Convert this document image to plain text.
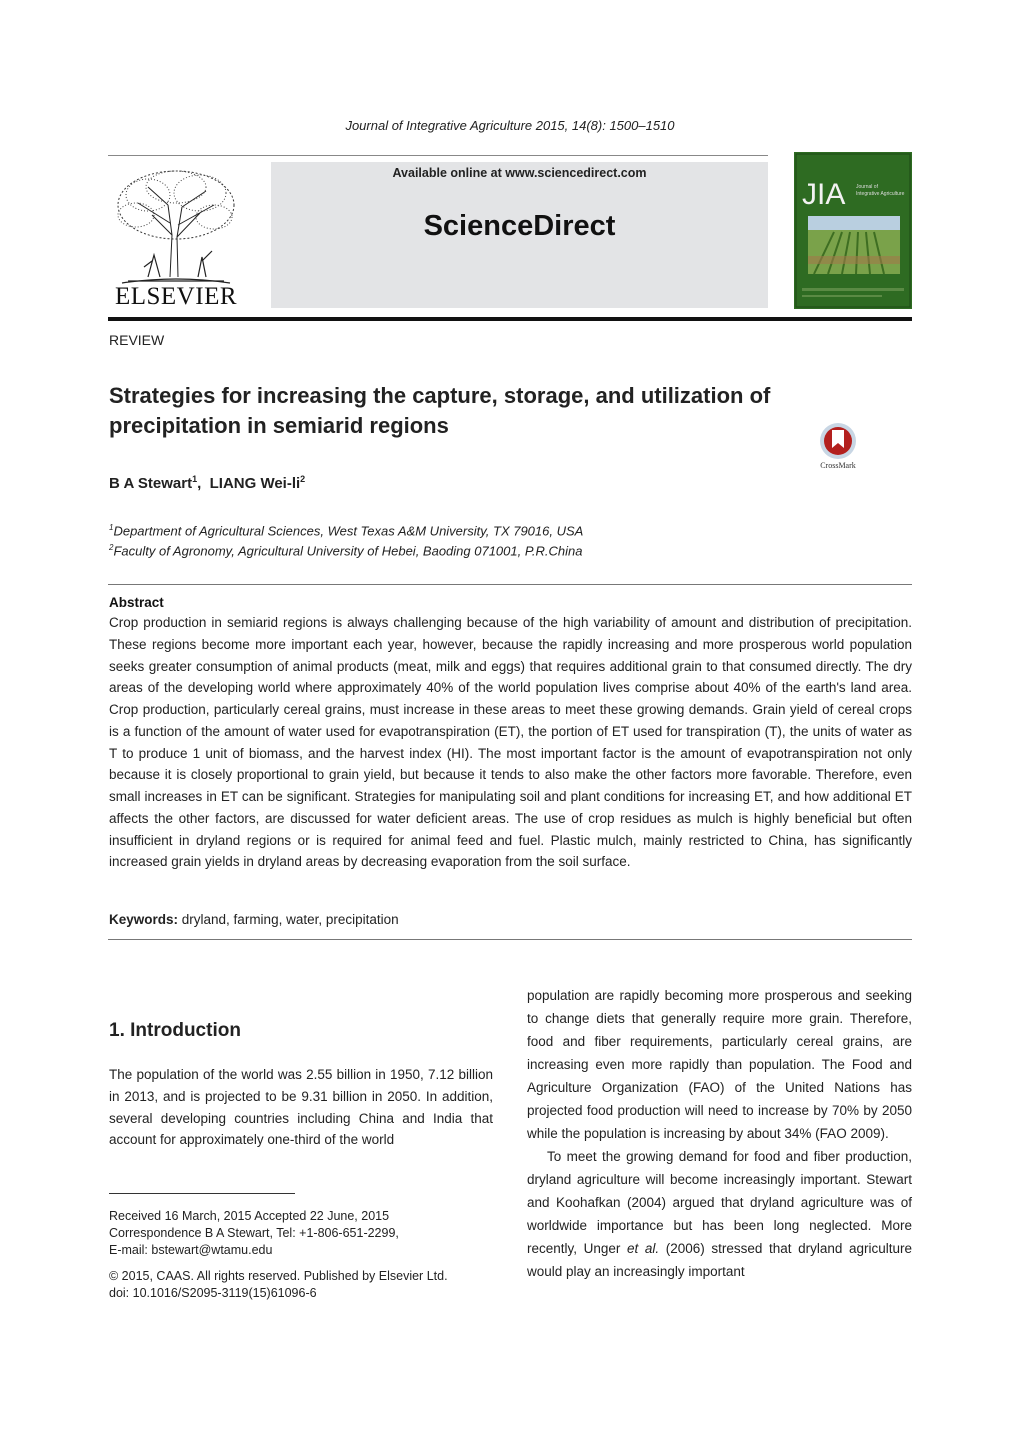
Journal of Integrative Agriculture 2015, 14(8): 1500–1510
ELSEVIER
Available online at www.sciencedirect.com
ScienceDirect
JIA Journal of
Integrative Agriculture
REVIEW
Strategies for increasing the capture, storage, and utilization of precipitation in semiarid regions
CrossMark
B A Stewart$^1$,  LIANG Wei-$li^2$
$^1$Department of Agricultural Sciences, West Texas A&M University, TX 79016, USA
$^2$Faculty of Agronomy, Agricultural University of Hebei, Baoding 071001, P.R.China
Abstract
Crop production in semiarid regions is always challenging because of the high variability of amount and distribution of precipitation. These regions become more important each year, however, because the rapidly increasing and more prosperous world population seeks greater consumption of animal products (meat, milk and eggs) that requires additional grain to that consumed directly. The dry areas of the developing world where approximately 40% of the world population lives comprise about 40% of the earth's land area. Crop production, particularly cereal grains, must increase in these areas to meet these growing demands. Grain yield of cereal crops is a function of the amount of water used for evapotranspiration (ET), the portion of ET used for transpiration (T), the units of water as T to produce 1 unit of biomass, and the harvest index (HI). The most important factor is the amount of evapotranspiration not only because it is closely proportional to grain yield, but because it tends to also make the other factors more favorable. Therefore, even small increases in ET can be significant. Strategies for manipulating soil and plant conditions for increasing ET, and how additional ET affects the other factors, are discussed for water deficient areas. The use of crop residues as mulch is highly beneficial but often insufficient in dryland regions or is required for animal feed and fuel. Plastic mulch, mainly restricted to China, has significantly increased grain yields in dryland areas by decreasing evaporation from the soil surface.
Keywords: dryland, farming, water, precipitation
1. Introduction
The population of the world was 2.55 billion in 1950, 7.12 billion in 2013, and is projected to be 9.31 billion in 2050. In addition, several developing countries including China and India that account for approximately one-third of the world

population are rapidly becoming more prosperous and seeking to change diets that generally require more grain. Therefore, food and fiber requirements, particularly cereal grains, are increasing even more rapidly than population. The Food and Agriculture Organization (FAO) of the United Nations has projected food production will need to increase by 70% by 2050 while the population is increasing by about 34% (FAO 2009).

To meet the growing demand for food and fiber production, dryland agriculture will become increasingly important. Stewart and Koohafkan (2004) argued that dryland agriculture was of worldwide importance but has been long neglected. More recently, Unger et al. (2006) stressed that dryland agriculture would play an increasingly important

Received 16 March, 2015 Accepted 22 June, 2015
Correspondence B A Stewart, Tel: +1-806-651-2299,
E-mail: bstewart@wtamu.edu
© 2015, CAAS. All rights reserved. Published by Elsevier Ltd.
doi: 10.1016/S2095-3119(15)61096-6
